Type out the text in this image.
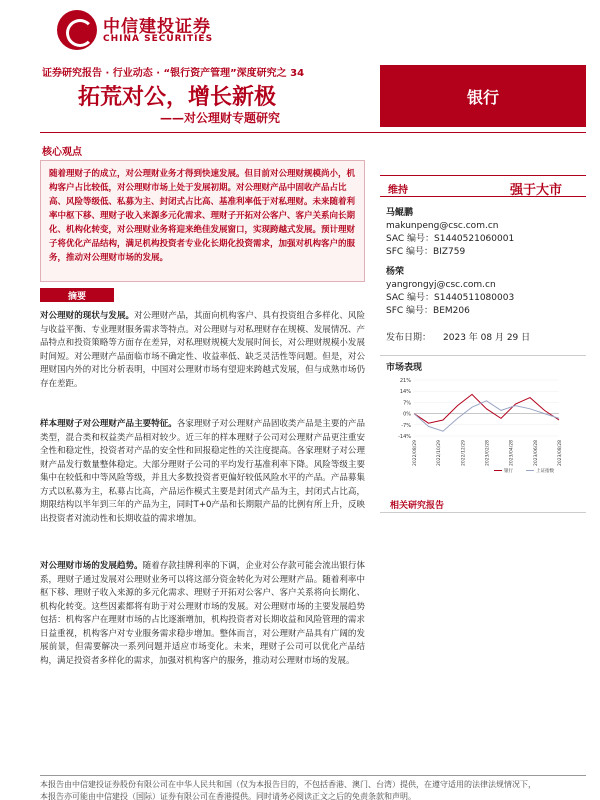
中信建投证券
CHINA SECURITIES
证券研究报告 · 行业动态 · “银行资产管理”深度研究之 34
拓荒对公，增长新极
——对公理财专题研究
银行
核心观点
随着理财子的成立，对公理财业务才得到快速发展。但目前对公理财规模尚小，机构客户占比较低，对公理财市场上处于发展初期。对公理财产品中固收产品占比高、风险等级低、私募为主、封闭式占比高、基准利率低于对私理财。未来随着利率中枢下移、理财子收入来源多元化需求、理财子开拓对公客户、客户关系向长期化、机构化转变，对公理财业务将迎来绝佳发展窗口，实现跨越式发展。预计理财子将优化产品结构，满足机构投资者专业化长期化投资需求，加强对机构客户的服务，推动对公理财市场的发展。
摘要
对公理财的现状与发展。对公理财产品，其面向机构客户、具有投资组合多样化、风险与收益平衡、专业理财服务需求等特点。对公理财与对私理财存在规模、发展情况、产品特点和投资策略等方面存在差异，对私理财规模大发展时间长，对公理财规模小发展时间短。对公理财产品面临市场不确定性、收益率低、缺乏灵活性等问题。但是，对公理财国内外的对比分析表明，中国对公理财市场有望迎来跨越式发展，但与成熟市场仍存在差距。
样本理财子对公理财产品主要特征。各家理财子对公理财产品固收类产品是主要的产品类型，混合类和权益类产品相对较少。近三年的样本理财子公司对公理财产品更注重安全性和稳定性，投资者对产品的安全性和回报稳定性的关注度提高。各家理财子对公理财产品发行数量整体稳定。大部分理财子公司的平均发行基准利率下降。风险等级主要集中在较低和中等风险等级，并且大多数投资者更偏好较低风险水平的产品。产品募集方式以私募为主，私募占比高，产品运作模式主要是封闭式产品为主，封闭式占比高，期限结构以半年到三年的产品为主，同时T+0产品和长期限产品的比例有所上升，反映出投资者对流动性和长期收益的需求增加。
对公理财市场的发展趋势。随着存款挂牌利率的下调，企业对公存款可能会流出银行体系，理财子通过发展对公理财业务可以将这部分资金转化为对公理财产品。随着利率中枢下移、理财子收入来源的多元化需求、理财子开拓对公客户、客户关系将向长期化、机构化转变。这些因素都将有助于对公理财市场的发展。对公理财市场的主要发展趋势包括：机构客户在理财市场的占比逐渐增加，机构投资者对长期收益和风险管理的需求日益重视，机构客户对专业服务需求稳步增加。整体而言，对公理财产品具有广阔的发展前景，但需要解决一系列问题并适应市场变化。未来，理财子公司可以优化产品结构，满足投资者多样化的需求，加强对机构客户的服务，推动对公理财市场的发展。
维持	强于大市
马鲲鹏
makunpeng@csc.com.cn
SAC 编号：S1440521060001
SFC 编号：BIZ759
杨荣
yangrongyj@csc.com.cn
SAC 编号：S1440511080003
SFC 编号：BEM206
发布日期： 2023 年 08 月 29 日
市场表现
21%
14%
7%
0%
-7%
-14%
2022/08/29	2022/10/29	2022/12/29	2023/02/28	2023/04/28	2023/06/28	2023/08/28
银行	上证指数
相关研究报告
本报告由中信建投证券股份有限公司在中华人民共和国（仅为本报告目的，不包括香港、澳门、台湾）提供，在遵守适用的法律法规情况下，
本报告亦可能由中信建投（国际）证券有限公司在香港提供。同时请务必阅读正文之后的免责条款和声明。
